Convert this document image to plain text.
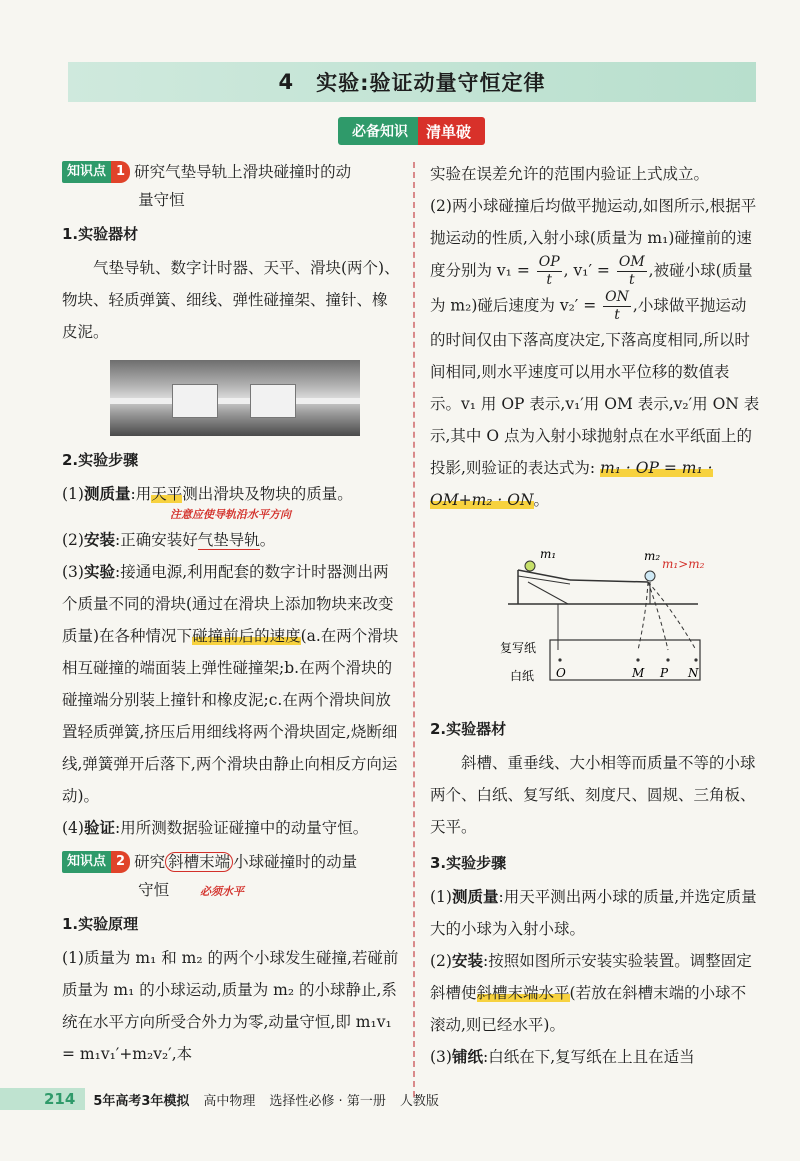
4 实验:验证动量守恒定律
必备知识	清单破
知识点 1 研究气垫导轨上滑块碰撞时的动
量守恒
1.实验器材

气垫导轨、数字计时器、天平、滑块(两个)、物块、轻质弹簧、细线、弹性碰撞架、撞针、橡皮泥。

2.实验步骤

(1)测质量:用天平测出滑块及物块的质量。

注意应使导轨沿水平方向

(2)安装:正确安装好气垫导轨。

(3)实验:接通电源,利用配套的数字计时器测出两个质量不同的滑块(通过在滑块上添加物块来改变质量)在各种情况下碰撞前后的速度(a.在两个滑块相互碰撞的端面装上弹性碰撞架;b.在两个滑块的碰撞端分别装上撞针和橡皮泥;c.在两个滑块间放置轻质弹簧,挤压后用细线将两个滑块固定,烧断细线,弹簧弹开后落下,两个滑块由静止向相反方向运动)。

(4)验证:用所测数据验证碰撞中的动量守恒。

知识点 2 研究 斜槽末端 小球碰撞时的动量
守恒	必须水平
1.实验原理

(1)质量为 m₁ 和 m₂ 的两个小球发生碰撞,若碰前质量为 m₁ 的小球运动,质量为 m₂ 的小球静止,系统在水平方向所受合外力为零,动量守恒,即 m₁v₁ = m₁v₁′+m₂v₂′,本

实验在误差允许的范围内验证上式成立。

(2)两小球碰撞后均做平抛运动,如图所示,根据平抛运动的性质,入射小球(质量为 m₁)碰撞前的速度分别为 $v_1 = \frac{OP}{t}$ , $v_1' = \frac{OM}{t}$ ,被碰小球(质量为 m₂)碰后速度为 $v_2' = \frac{ON}{t}$ ,小球做平抛运动的时间仅由下落高度决定,下落高度相同,所以时间相同,则水平速度可以用水平位移的数值表示。v₁ 用 OP 表示,v₁′用 OM 表示,v₂′用 ON 表示,其中 O 点为入射小球抛射点在水平纸面上的投影,则验证的表达式为: m₁ · OP = m₁ · OM+m₂ · ON。

m₁	m₂
m₁>m₂
复写纸
白纸 O	M P N
2.实验器材

斜槽、重垂线、大小相等而质量不等的小球两个、白纸、复写纸、刻度尺、圆规、三角板、天平。

3.实验步骤

(1)测质量:用天平测出两小球的质量,并选定质量大的小球为入射小球。

(2)安装:按照如图所示安装实验装置。调整固定斜槽使斜槽末端水平(若放在斜槽末端的小球不滚动,则已经水平)。

(3)铺纸:白纸在下,复写纸在上且在适当

214	5年高考3年模拟 高中物理 选择性必修 · 第一册 人教版
